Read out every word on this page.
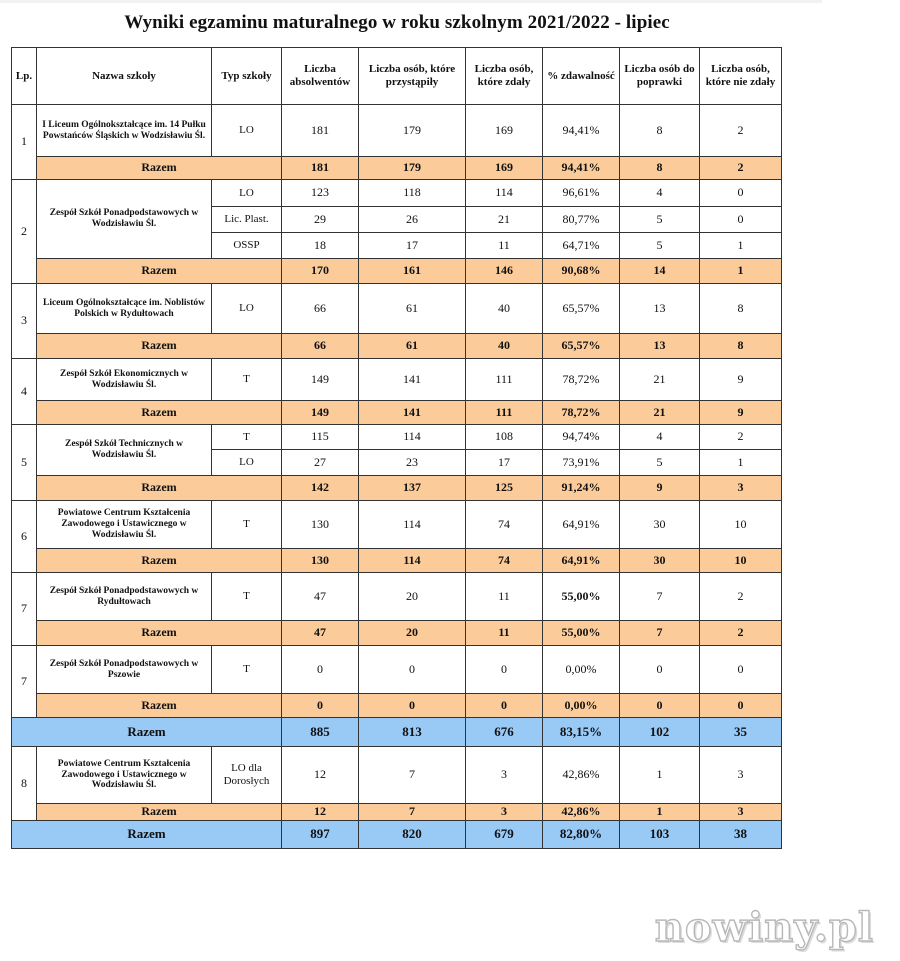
Wyniki egzaminu maturalnego w roku szkolnym 2021/2022 - lipiec
Lp.	Nazwa szkoły	Typ szkoły	Liczba absolwentów	Liczba osób, które przystąpiły	Liczba osób, które zdały	% zdawalność	Liczba osób do poprawki	Liczba osób, które nie zdały
1	I Liceum Ogólnokształcące im. 14 Pułku Powstańców Śląskich w Wodzisławiu Śl.	LO	181	179	169	94,41%	8	2
	Razem		181	179	169	94,41%	8	2
2	Zespół Szkół Ponadpodstawowych w Wodzisławiu Śl.	LO	123	118	114	96,61%	4	0
		Lic. Plast.	29	26	21	80,77%	5	0
		OSSP	18	17	11	64,71%	5	1
	Razem		170	161	146	90,68%	14	1
3	Liceum Ogólnokształcące im. Noblistów Polskich w Rydułtowach	LO	66	61	40	65,57%	13	8
	Razem		66	61	40	65,57%	13	8
4	Zespół Szkół Ekonomicznych w Wodzisławiu Śl.	T	149	141	111	78,72%	21	9
	Razem		149	141	111	78,72%	21	9
5	Zespół Szkół Technicznych w Wodzisławiu Śl.	T	115	114	108	94,74%	4	2
		LO	27	23	17	73,91%	5	1
	Razem		142	137	125	91,24%	9	3
6	Powiatowe Centrum Kształcenia Zawodowego i Ustawicznego w Wodzisławiu Śl.	T	130	114	74	64,91%	30	10
	Razem		130	114	74	64,91%	30	10
7	Zespół Szkół Ponadpodstawowych w Rydułtowach	T	47	20	11	55,00%	7	2
	Razem		47	20	11	55,00%	7	2
7	Zespół Szkół Ponadpodstawowych w Pszowie	T	0	0	0	0,00%	0	0
	Razem		0	0	0	0,00%	0	0
Razem			885	813	676	83,15%	102	35
8	Powiatowe Centrum Kształcenia Zawodowego i Ustawicznego w Wodzisławiu Śl.	LO dla Dorosłych	12	7	3	42,86%	1	3
	Razem		12	7	3	42,86%	1	3
Razem			897	820	679	82,80%	103	38
nowiny.pl
